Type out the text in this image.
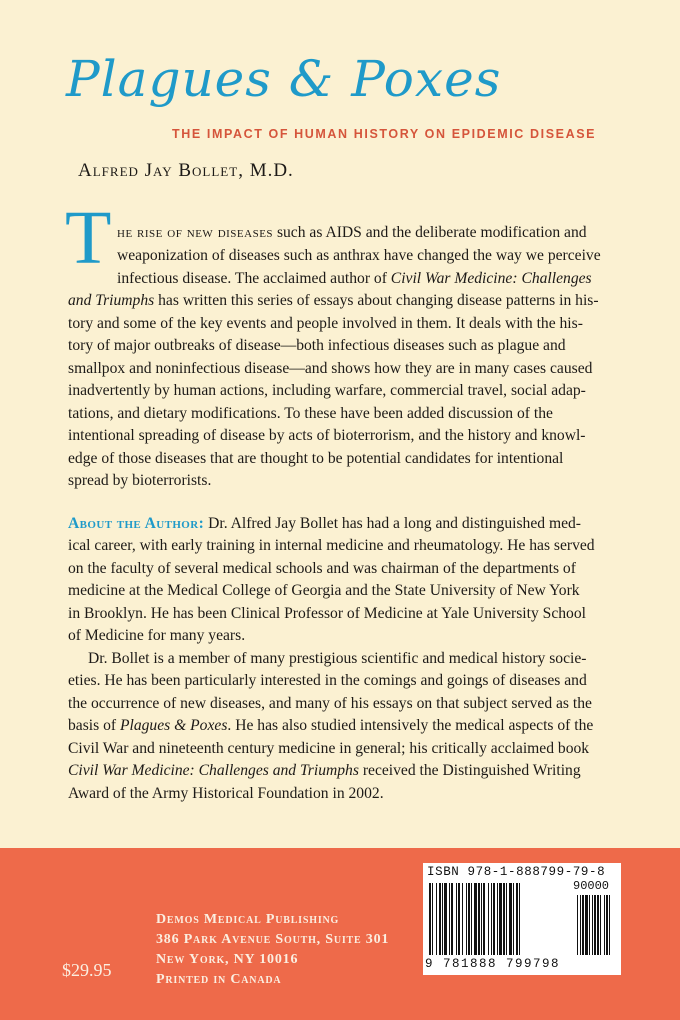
Plagues & Poxes
THE IMPACT OF HUMAN HISTORY ON EPIDEMIC DISEASE
Alfred Jay Bollet, M.D.
T he rise of new diseases such as AIDS and the deliberate modification and
weaponization of diseases such as anthrax have changed the way we perceive
infectious disease. The acclaimed author of Civil War Medicine: Challenges
and Triumphs has written this series of essays about changing disease patterns in his-
tory and some of the key events and people involved in them. It deals with the his-
tory of major outbreaks of disease—both infectious diseases such as plague and
smallpox and noninfectious disease—and shows how they are in many cases caused
inadvertently by human actions, including warfare, commercial travel, social adap-
tations, and dietary modifications. To these have been added discussion of the
intentional spreading of disease by acts of bioterrorism, and the history and knowl-
edge of those diseases that are thought to be potential candidates for intentional
spread by bioterrorists.
About the Author: Dr. Alfred Jay Bollet has had a long and distinguished med-
ical career, with early training in internal medicine and rheumatology. He has served
on the faculty of several medical schools and was chairman of the departments of
medicine at the Medical College of Georgia and the State University of New York
in Brooklyn. He has been Clinical Professor of Medicine at Yale University School
of Medicine for many years.
Dr. Bollet is a member of many prestigious scientific and medical history socie-
eties. He has been particularly interested in the comings and goings of diseases and
the occurrence of new diseases, and many of his essays on that subject served as the
basis of Plagues & Poxes. He has also studied intensively the medical aspects of the
Civil War and nineteenth century medicine in general; his critically acclaimed book
Civil War Medicine: Challenges and Triumphs received the Distinguished Writing
Award of the Army Historical Foundation in 2002.
$29.95
Demos Medical Publishing
386 Park Avenue South, Suite 301
New York, NY 10016
Printed in Canada
ISBN 978-1-888799-79-8
90000
9 781888 799798
